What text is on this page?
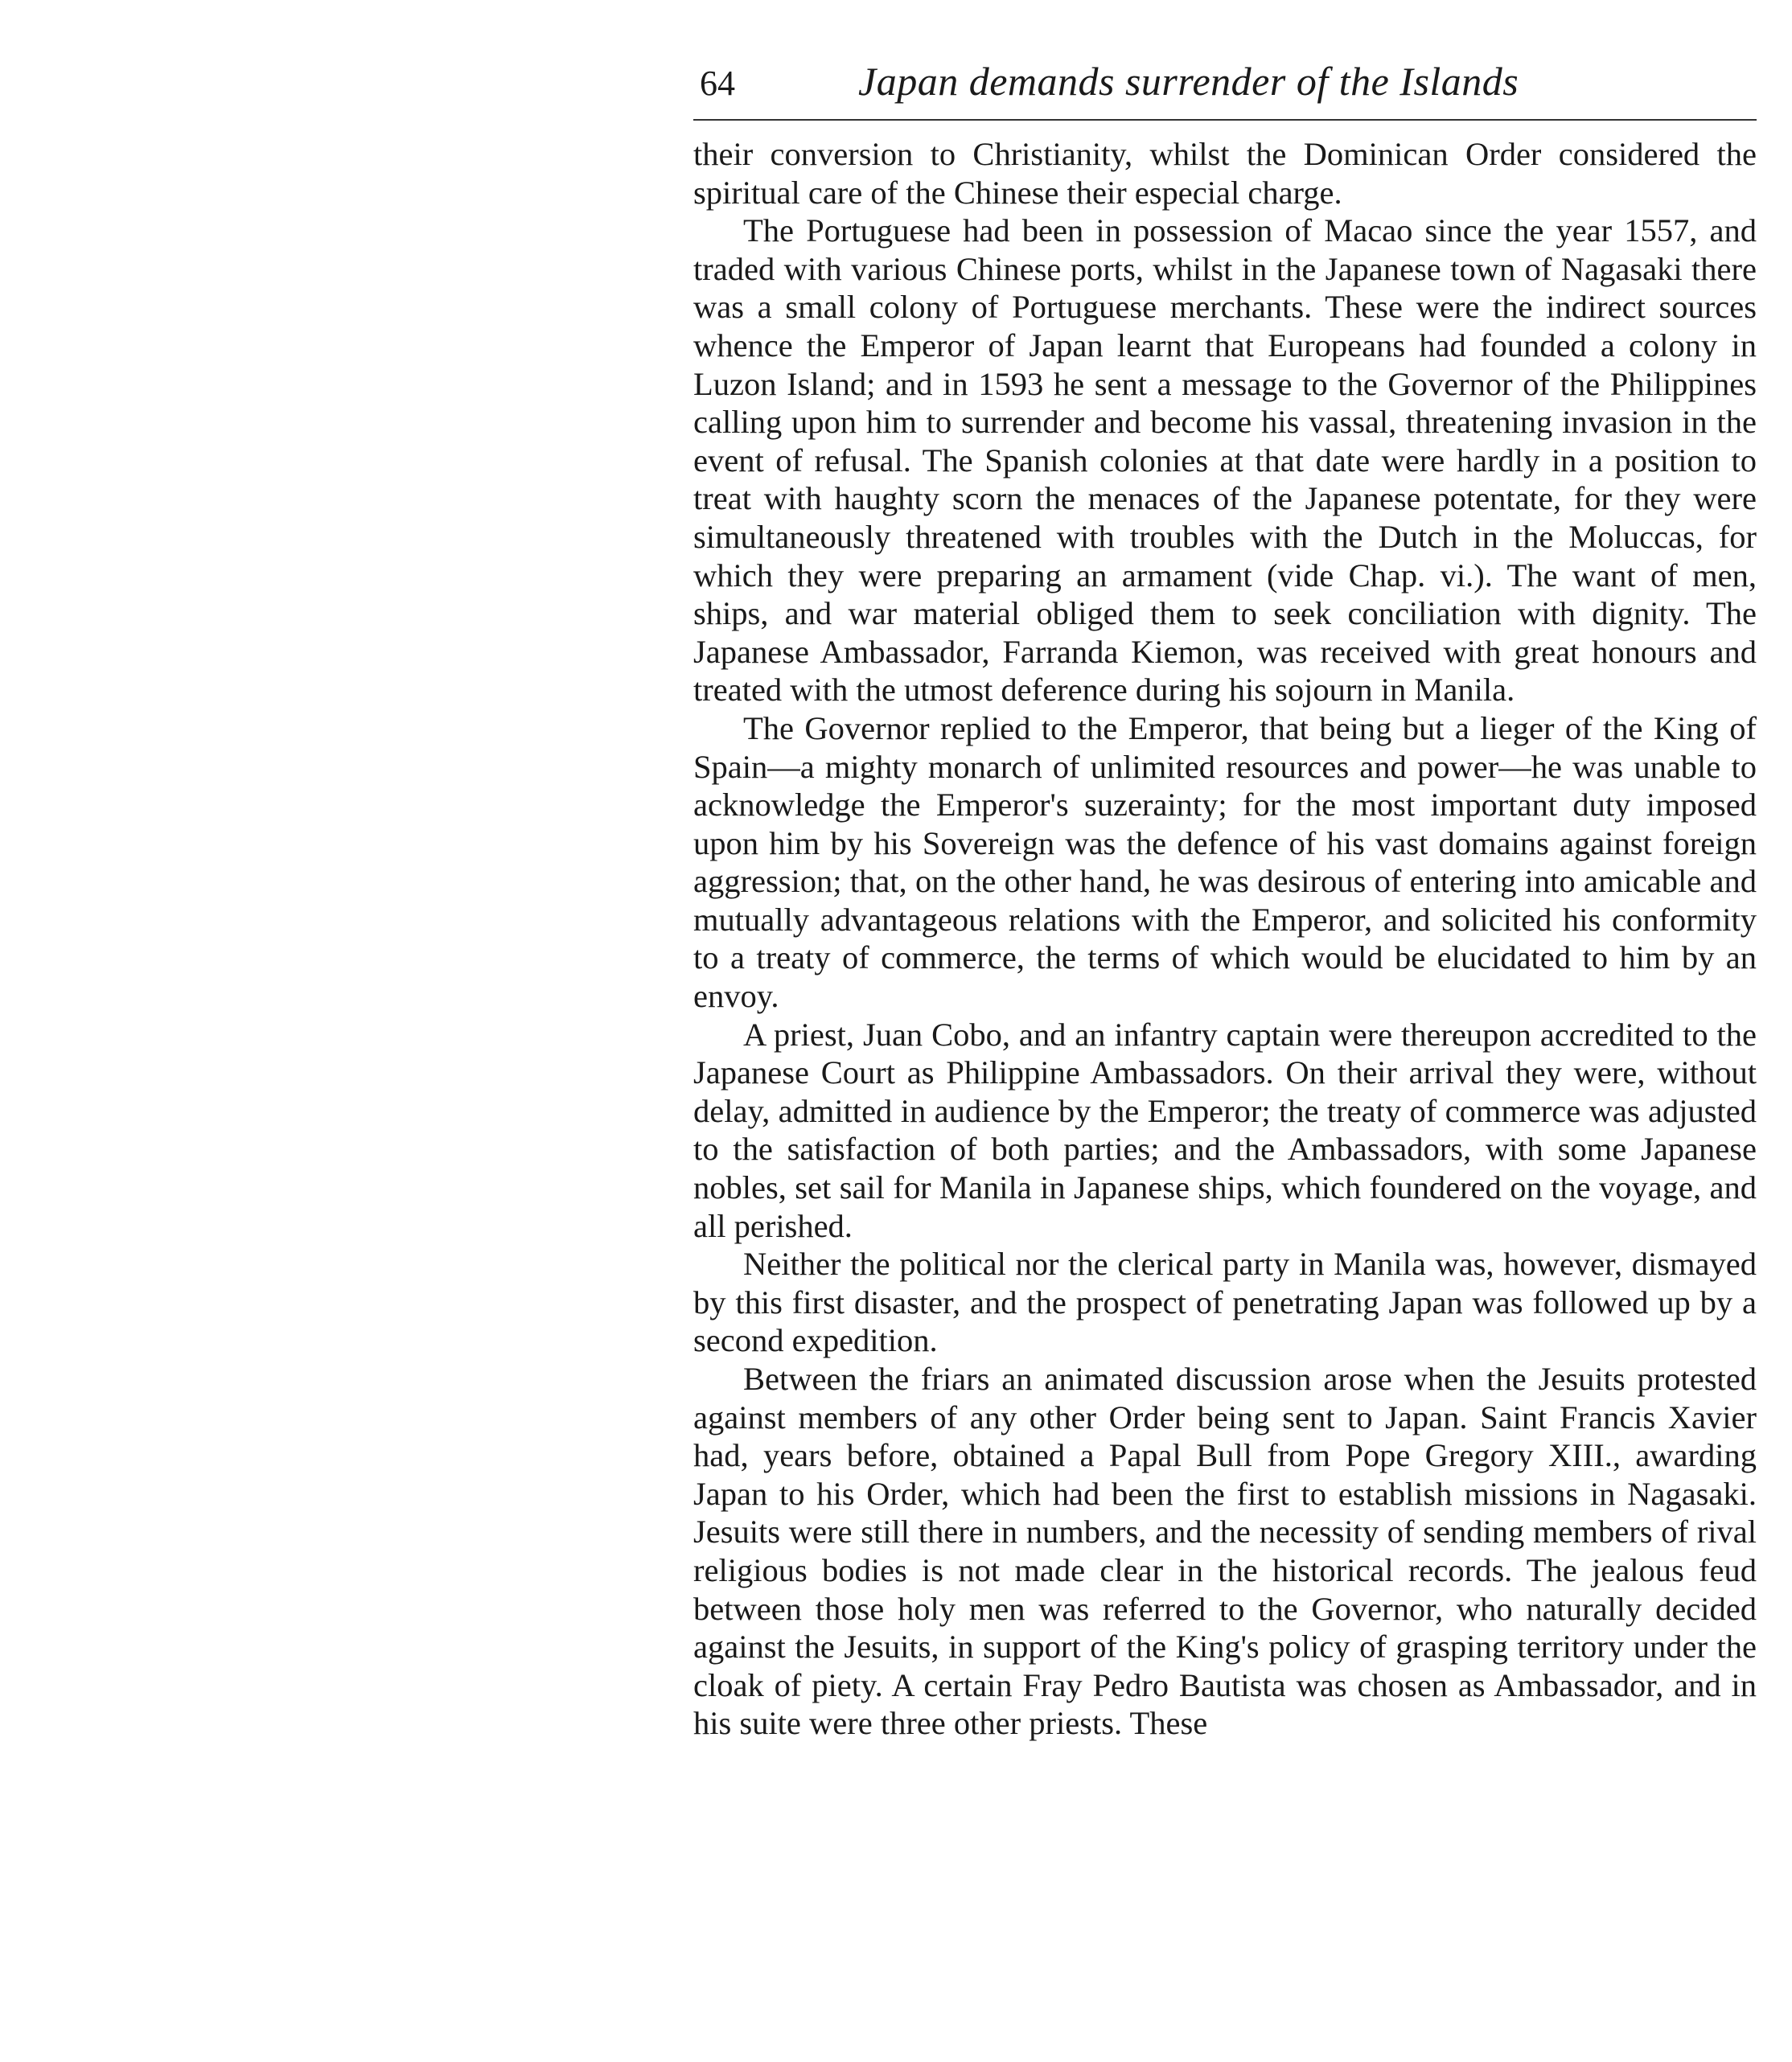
64	Japan demands surrender of the Islands

their conversion to Christianity, whilst the Dominican Order considered the spiritual care of the Chinese their especial charge.

The Portuguese had been in possession of Macao since the year 1557, and traded with various Chinese ports, whilst in the Japanese town of Nagasaki there was a small colony of Portuguese merchants. These were the indirect sources whence the Emperor of Japan learnt that Europeans had founded a colony in Luzon Island; and in 1593 he sent a message to the Governor of the Philippines calling upon him to surrender and become his vassal, threatening invasion in the event of refusal. The Spanish colonies at that date were hardly in a position to treat with haughty scorn the menaces of the Japanese potentate, for they were simultaneously threatened with troubles with the Dutch in the Moluccas, for which they were preparing an armament (vide Chap. vi.). The want of men, ships, and war material obliged them to seek conciliation with dignity. The Japanese Ambassador, Farranda Kiemon, was received with great honours and treated with the utmost deference during his sojourn in Manila.

The Governor replied to the Emperor, that being but a lieger of the King of Spain—a mighty monarch of unlimited resources and power—he was unable to acknowledge the Emperor's suzerainty; for the most important duty imposed upon him by his Sovereign was the defence of his vast domains against foreign aggression; that, on the other hand, he was desirous of entering into amicable and mutually advantageous relations with the Emperor, and solicited his conformity to a treaty of commerce, the terms of which would be elucidated to him by an envoy.

A priest, Juan Cobo, and an infantry captain were thereupon accredited to the Japanese Court as Philippine Ambassadors. On their arrival they were, without delay, admitted in audience by the Emperor; the treaty of commerce was adjusted to the satisfaction of both parties; and the Ambassadors, with some Japanese nobles, set sail for Manila in Japanese ships, which foundered on the voyage, and all perished.

Neither the political nor the clerical party in Manila was, however, dismayed by this first disaster, and the prospect of penetrating Japan was followed up by a second expedition.

Between the friars an animated discussion arose when the Jesuits protested against members of any other Order being sent to Japan. Saint Francis Xavier had, years before, obtained a Papal Bull from Pope Gregory XIII., awarding Japan to his Order, which had been the first to establish missions in Nagasaki. Jesuits were still there in numbers, and the necessity of sending members of rival religious bodies is not made clear in the historical records. The jealous feud between those holy men was referred to the Governor, who naturally decided against the Jesuits, in support of the King's policy of grasping territory under the cloak of piety. A certain Fray Pedro Bautista was chosen as Ambassador, and in his suite were three other priests. These
